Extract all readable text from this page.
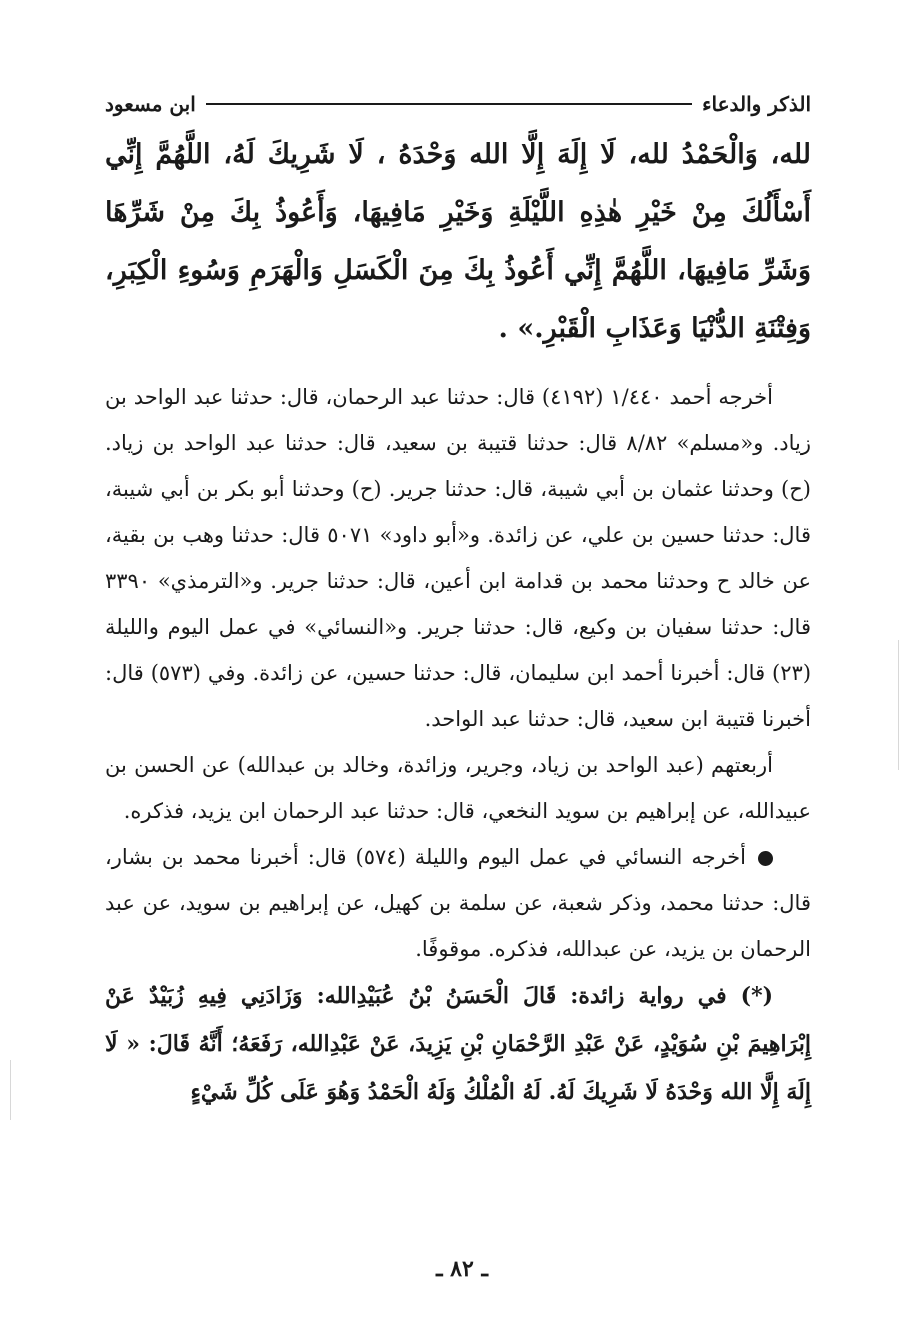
الذكر والدعاء
ابن مسعود

لله، وَالْحَمْدُ لله، لَا إِلَهَ إِلَّا الله وَحْدَهُ ، لَا شَرِيكَ لَهُ، اللَّهُمَّ إِنِّي أَسْأَلُكَ مِنْ خَيْرِ هٰذِهِ اللَّيْلَةِ وَخَيْرِ مَافِيهَا، وَأَعُوذُ بِكَ مِنْ شَرِّهَا وَشَرِّ مَافِيهَا، اللَّهُمَّ إِنِّي أَعُوذُ بِكَ مِنَ الْكَسَلِ وَالْهَرَمِ وَسُوءِ الْكِبَرِ، وَفِتْنَةِ الدُّنْيَا وَعَذَابِ الْقَبْرِ.» .

أخرجه أحمد ١/٤٤٠ (٤١٩٢) قال: حدثنا عبد الرحمان، قال: حدثنا عبد الواحد بن زياد. و«مسلم» ٨/٨٢ قال: حدثنا قتيبة بن سعيد، قال: حدثنا عبد الواحد بن زياد. (ح) وحدثنا عثمان بن أبي شيبة، قال: حدثنا جرير. (ح) وحدثنا أبو بكر بن أبي شيبة، قال: حدثنا حسين بن علي، عن زائدة. و«أبو داود» ٥٠٧١ قال: حدثنا وهب بن بقية، عن خالد ح وحدثنا محمد بن قدامة ابن أعين، قال: حدثنا جرير. و«الترمذي» ٣٣٩٠ قال: حدثنا سفيان بن وكيع، قال: حدثنا جرير. و«النسائي» في عمل اليوم والليلة (٢٣) قال: أخبرنا أحمد ابن سليمان، قال: حدثنا حسين، عن زائدة. وفي (٥٧٣) قال: أخبرنا قتيبة ابن سعيد، قال: حدثنا عبد الواحد.

أربعتهم (عبد الواحد بن زياد، وجرير، وزائدة، وخالد بن عبدالله) عن الحسن بن عبيدالله، عن إبراهيم بن سويد النخعي، قال: حدثنا عبد الرحمان ابن يزيد، فذكره.

أخرجه النسائي في عمل اليوم والليلة (٥٧٤) قال: أخبرنا محمد بن بشار، قال: حدثنا محمد، وذكر شعبة، عن سلمة بن كهيل، عن إبراهيم بن سويد، عن عبد الرحمان بن يزيد، عن عبدالله، فذكره. موقوفًا.

(*) في رواية زائدة: قَالَ الْحَسَنُ بْنُ عُبَيْدِالله: وَزَادَنِي فِيهِ زُبَيْدٌ عَنْ إِبْرَاهِيمَ بْنِ سُوَيْدٍ، عَنْ عَبْدِ الرَّحْمَانِ بْنِ يَزِيدَ، عَنْ عَبْدِالله، رَفَعَهُ؛ أَنَّهُ قَالَ: « لَا إِلَهَ إِلَّا الله وَحْدَهُ لَا شَرِيكَ لَهُ. لَهُ الْمُلْكُ وَلَهُ الْحَمْدُ وَهُوَ عَلَى كُلِّ شَيْءٍ

ـ ٨٢ ـ
